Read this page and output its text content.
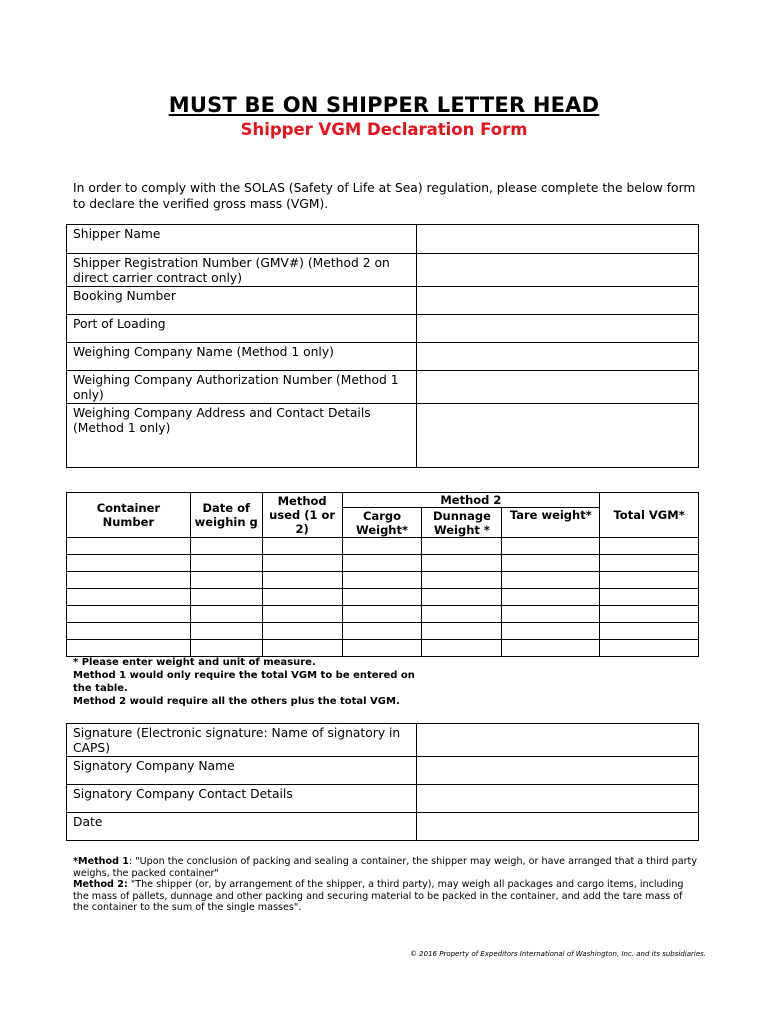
MUST BE ON SHIPPER LETTER HEAD
Shipper VGM Declaration Form
In order to comply with the SOLAS (Safety of Life at Sea) regulation, please complete the below form to declare the verified gross mass (VGM).
Shipper Name	
Shipper Registration Number (GMV#) (Method 2 on direct carrier contract only)	
Booking Number	
Port of Loading	
Weighing Company Name (Method 1 only)	
Weighing Company Authorization Number (Method 1 only)	
Weighing Company Address and Contact Details (Method 1 only)	
Container Number	Date of weighin g	Method used (1 or 2)	Method 2			Total VGM*
			Cargo Weight*	Dunnage Weight *	Tare weight*	

* Please enter weight and unit of measure.
Method 1 would only require the total VGM to be entered on the table.
Method 2 would require all the others plus the total VGM.
Signature (Electronic signature: Name of signatory in CAPS)	
Signatory Company Name	
Signatory Company Contact Details	
Date	

*Method 1: "Upon the conclusion of packing and sealing a container, the shipper may weigh, or have arranged that a third party weighs, the packed container"

Method 2: "The shipper (or, by arrangement of the shipper, a third party), may weigh all packages and cargo items, including the mass of pallets, dunnage and other packing and securing material to be packed in the container, and add the tare mass of the container to the sum of the single masses".

© 2016 Property of Expeditors International of Washington, Inc. and its subsidiaries.
